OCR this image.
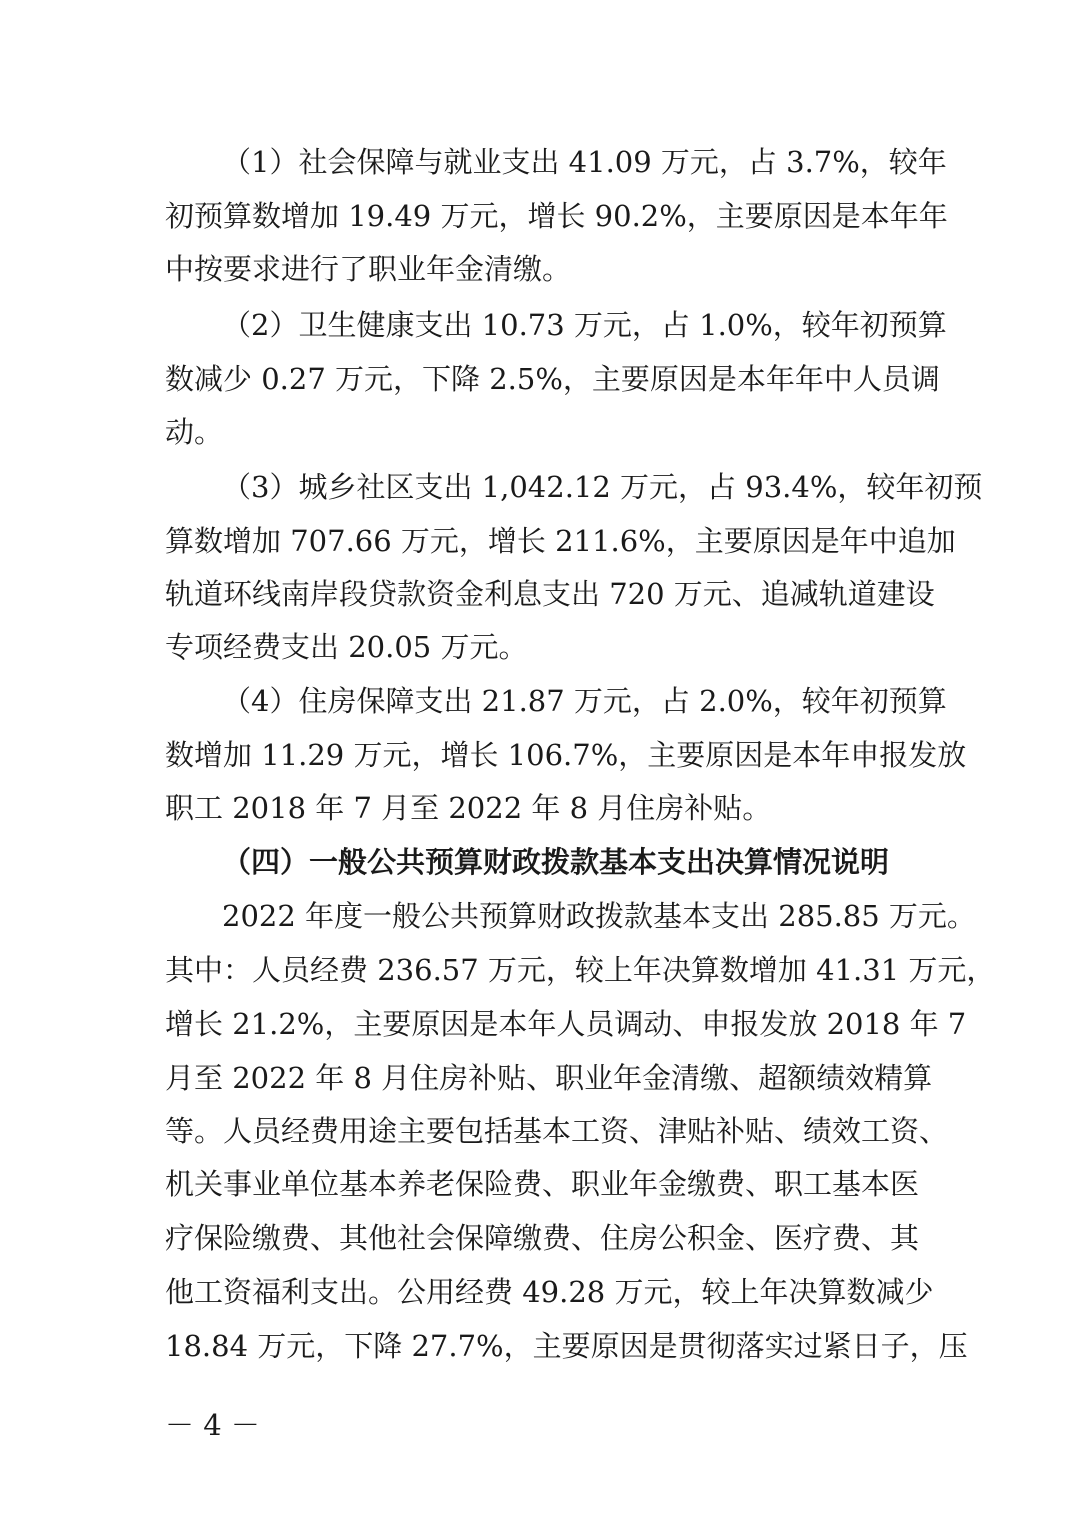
（1）社会保障与就业支出 41.09 万元，占 3.7%，较年
初预算数增加 19.49 万元，增长 90.2%，主要原因是本年年
中按要求进行了职业年金清缴。
（2）卫生健康支出 10.73 万元，占 1.0%，较年初预算
数减少 0.27 万元，下降 2.5%，主要原因是本年年中人员调
动。
（3）城乡社区支出 1,042.12 万元，占 93.4%，较年初预
算数增加 707.66 万元，增长 211.6%，主要原因是年中追加
轨道环线南岸段贷款资金利息支出 720 万元、追减轨道建设
专项经费支出 20.05 万元。
（4）住房保障支出 21.87 万元，占 2.0%，较年初预算
数增加 11.29 万元，增长 106.7%，主要原因是本年申报发放
职工 2018 年 7 月至 2022 年 8 月住房补贴。
（四）一般公共预算财政拨款基本支出决算情况说明
2022 年度一般公共预算财政拨款基本支出 285.85 万元。
其中：人员经费 236.57 万元，较上年决算数增加 41.31 万元，
增长 21.2%，主要原因是本年人员调动、申报发放 2018 年 7
月至 2022 年 8 月住房补贴、职业年金清缴、超额绩效精算
等。人员经费用途主要包括基本工资、津贴补贴、绩效工资、
机关事业单位基本养老保险费、职业年金缴费、职工基本医
疗保险缴费、其他社会保障缴费、住房公积金、医疗费、其
他工资福利支出。公用经费 49.28 万元，较上年决算数减少
18.84 万元，下降 27.7%，主要原因是贯彻落实过紧日子，压
－ 4 －
